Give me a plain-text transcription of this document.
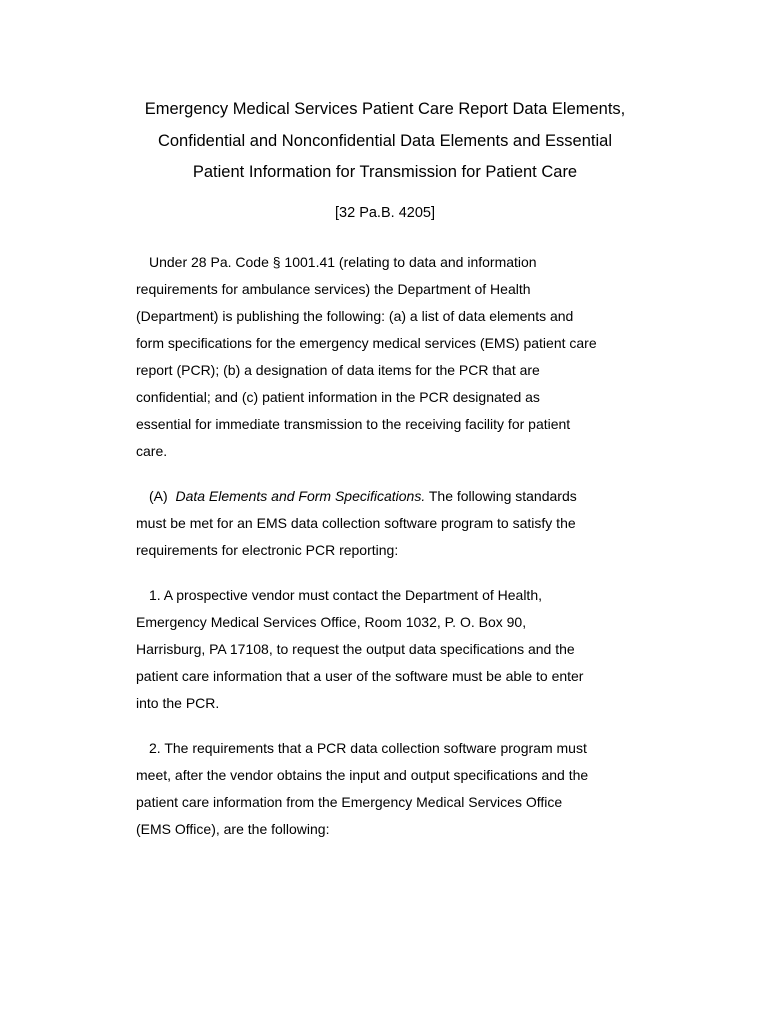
Emergency Medical Services Patient Care Report Data Elements,
Confidential and Nonconfidential Data Elements and Essential
Patient Information for Transmission for Patient Care
[32 Pa.B. 4205]

Under 28 Pa. Code § 1001.41 (relating to data and information
requirements for ambulance services) the Department of Health
(Department) is publishing the following: (a) a list of data elements and
form specifications for the emergency medical services (EMS) patient care
report (PCR); (b) a designation of data items for the PCR that are
confidential; and (c) patient information in the PCR designated as
essential for immediate transmission to the receiving facility for patient
care.

(A) Data Elements and Form Specifications. The following standards
must be met for an EMS data collection software program to satisfy the
requirements for electronic PCR reporting:

1. A prospective vendor must contact the Department of Health,
Emergency Medical Services Office, Room 1032, P. O. Box 90,
Harrisburg, PA 17108, to request the output data specifications and the
patient care information that a user of the software must be able to enter
into the PCR.

2. The requirements that a PCR data collection software program must
meet, after the vendor obtains the input and output specifications and the
patient care information from the Emergency Medical Services Office
(EMS Office), are the following:
